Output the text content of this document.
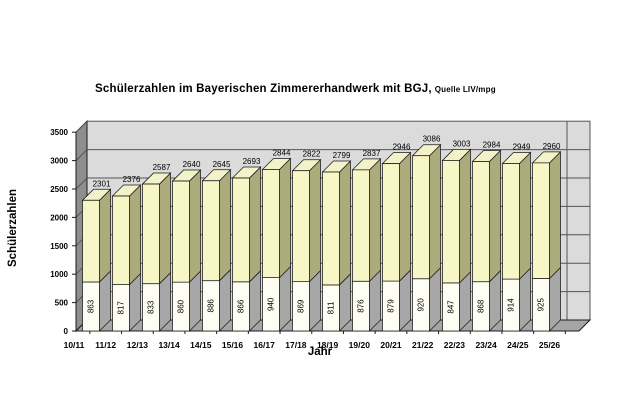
Schülerzahlen im Bayerischen Zimmererhandwerk mit BGJ, Quelle LIV/mpg
Schülerzahlen
0
500
1000
1500
2000
2500
3000
3500
863
2301
10/11
817
2376
11/12
833
2587
12/13
860
2640
13/14
886
2645
14/15
866
2693
15/16
940
2844
16/17
869
2822
17/18
811
2799
18/19
876
2837
19/20
879
2946
20/21
920
3086
21/22
847
3003
22/23
868
2984
23/24
914
2949
24/25
925
2960
25/26
Jahr
